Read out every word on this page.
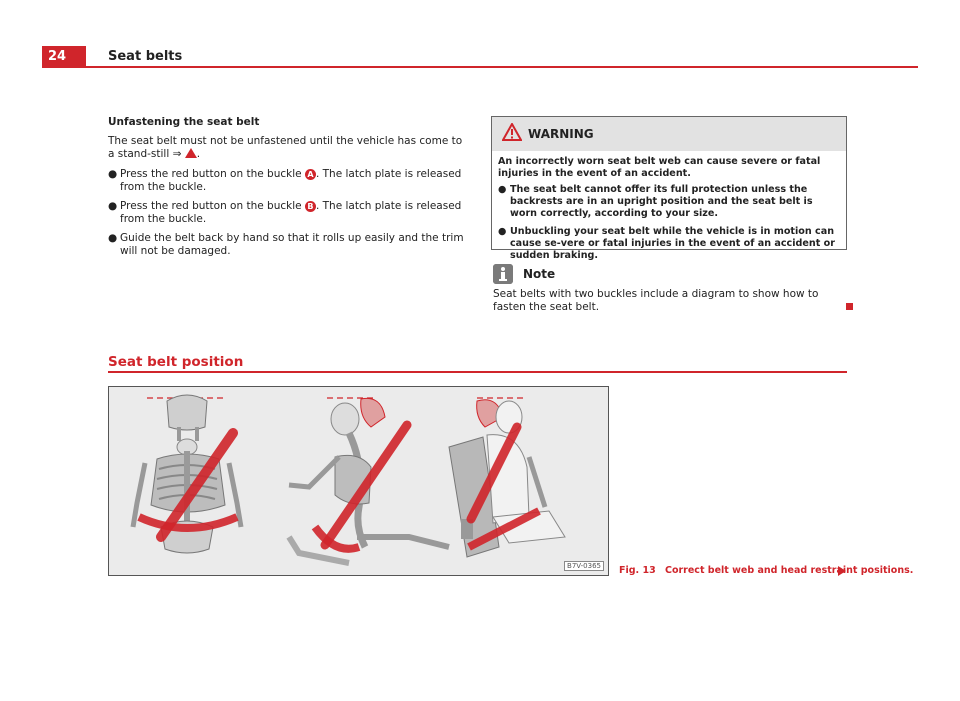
24	Seat belts
Unfastening the seat belt

The seat belt must not be unfastened until the vehicle has come to a stand-still ⇒ .

● Press the red button on the buckle A . The latch plate is released from the buckle.
● Press the red button on the buckle B . The latch plate is released from the buckle.
● Guide the belt back by hand so that it rolls up easily and the trim will not be damaged.
WARNING

An incorrectly worn seat belt web can cause severe or fatal injuries in the event of an accident.

● The seat belt cannot offer its full protection unless the backrests are in an upright position and the seat belt is worn correctly, according to your size.
● Unbuckling your seat belt while the vehicle is in motion can cause se-vere or fatal injuries in the event of an accident or sudden braking.
Note
Seat belts with two buckles include a diagram to show how to fasten the seat belt.
Seat belt position
B7V-0365	Fig. 13 Correct belt web and head restraint positions.
